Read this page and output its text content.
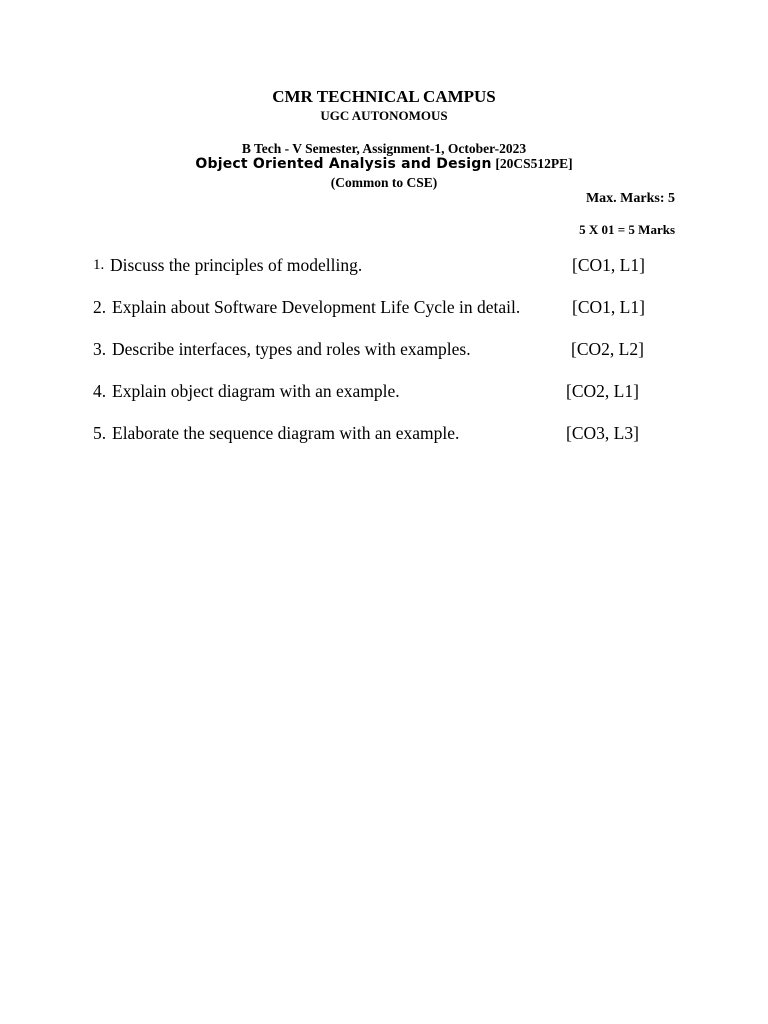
CMR TECHNICAL CAMPUS
UGC AUTONOMOUS
B Tech - V Semester, Assignment-1, October-2023
Object Oriented Analysis and Design [20CS512PE]
(Common to CSE)
Max. Marks: 5
5 X 01 = 5 Marks
1. Discuss the principles of modelling.	[CO1, L1]
2. Explain about Software Development Life Cycle in detail.	[CO1, L1]
3. Describe interfaces, types and roles with examples.	[CO2, L2]
4. Explain object diagram with an example.	[CO2, L1]
5. Elaborate the sequence diagram with an example.	[CO3, L3]
